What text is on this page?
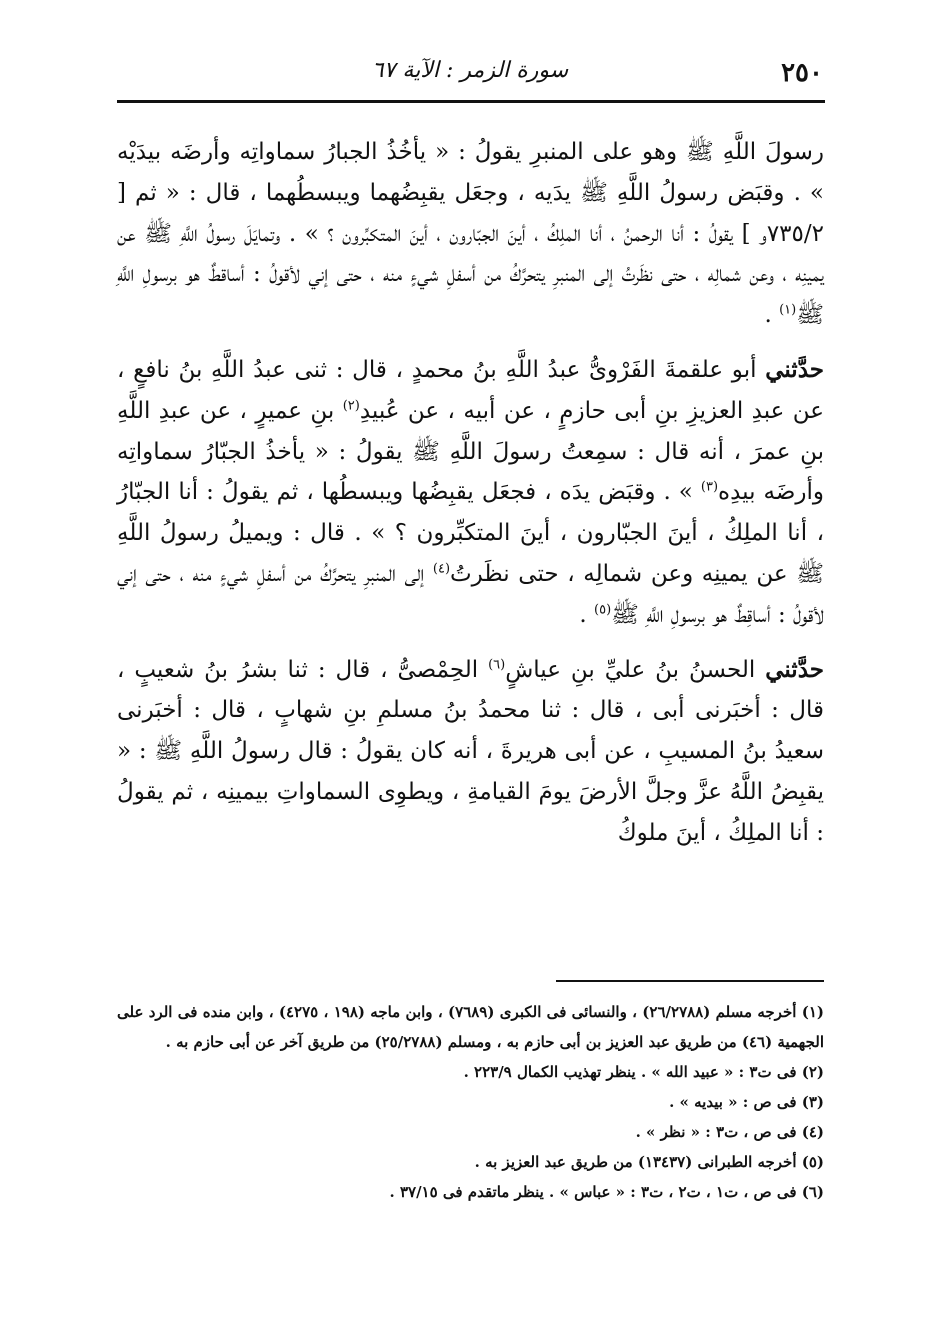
٢٥٠
سورة الزمر : الآية ٦٧

رسولَ اللَّهِ ﷺ وهو على المنبرِ يقولُ : « يأخُذُ الجبارُ سماواتِه وأرضَه بيدَيْه » . وقبَض رسولُ اللَّهِ ﷺ يدَيه ، وجعَل يقبِضُهما ويبسطُهما ، قال : « ثم [ ٧٣٥/٢و ] يقولُ : أنا الرحمنُ ، أنا الملِكُ ، أينَ الجبّارون ، أينَ المتكبِّرون ؟ » . وتمايَلَ رسولُ اللَّهِ ﷺ عن يمينِه ، وعن شمالِه ، حتى نظَرتُ إلى المنبرِ يتحرَّكُ من أسفلِ شيءٍ منه ، حتى إني لأقولُ : أساقطٌ هو برسولِ اللَّهِ ﷺ$^{(١)}$ .

حدَّثني أبو علقمةَ الفَرْوىُّ عبدُ اللَّهِ بنُ محمدٍ ، قال : ثنى عبدُ اللَّهِ بنُ نافعٍ ، عن عبدِ العزيزِ بنِ أبى حازمٍ ، عن أبيه ، عن عُبيدِ$^{(٢)}$ بنِ عميرٍ ، عن عبدِ اللَّهِ بنِ عمرَ ، أنه قال : سمِعتُ رسولَ اللَّهِ ﷺ يقولُ : « يأخذُ الجبّارُ سماواتِه وأرضَه بيدِه$^{(٣)}$ » . وقبَض يدَه ، فجعَل يقبِضُها ويبسطُها ، ثم يقولُ : أنا الجبّارُ ، أنا الملِكُ ، أينَ الجبّارون ، أينَ المتكبِّرون ؟ » . قال : ويميلُ رسولُ اللَّهِ ﷺ عن يمينِه وعن شمالِه ، حتى نظَرتُ$^{(٤)}$ إلى المنبرِ يتحرَّكُ من أسفلِ شيءٍ منه ، حتى إني لأقولُ : أساقِطٌ هو برسولِ اللَّهِ ﷺ$^{(٥)}$ .

حدَّثني الحسنُ بنُ عليِّ بنِ عياشٍ$^{(٦)}$ الحِمْصىُّ ، قال : ثنا بشرُ بنُ شعيبٍ ، قال : أخبَرنى أبى ، قال : ثنا محمدُ بنُ مسلمِ بنِ شهابٍ ، قال : أخبَرنى سعيدُ بنُ المسيبِ ، عن أبى هريرةَ ، أنه كان يقولُ : قال رسولُ اللَّهِ ﷺ : « يقبِضُ اللَّهُ عزَّ وجلَّ الأرضَ يومَ القيامةِ ، ويطوِى السماواتِ بيمينِه ، ثم يقولُ : أنا الملِكُ ، أينَ ملوكُ

(١) أخرجه مسلم (٢٦/٢٧٨٨) ، والنسائى فى الكبرى (٧٦٨٩) ، وابن ماجه (١٩٨ ، ٤٢٧٥) ، وابن منده فى الرد على الجهمية (٤٦) من طريق عبد العزيز بن أبى حازم به ، ومسلم (٢٥/٢٧٨٨) من طريق آخر عن أبى حازم به .

(٢) فى ت٣ : « عبيد الله » . ينظر تهذيب الكمال ٢٢٣/٩ .

(٣) فى ص : « بيديه » .

(٤) فى ص ، ت٣ : « نظر » .

(٥) أخرجه الطبرانى (١٣٤٣٧) من طريق عبد العزيز به .

(٦) فى ص ، ت١ ، ت٢ ، ت٣ : « عباس » . ينظر ماتقدم فى ٣٧/١٥ .
